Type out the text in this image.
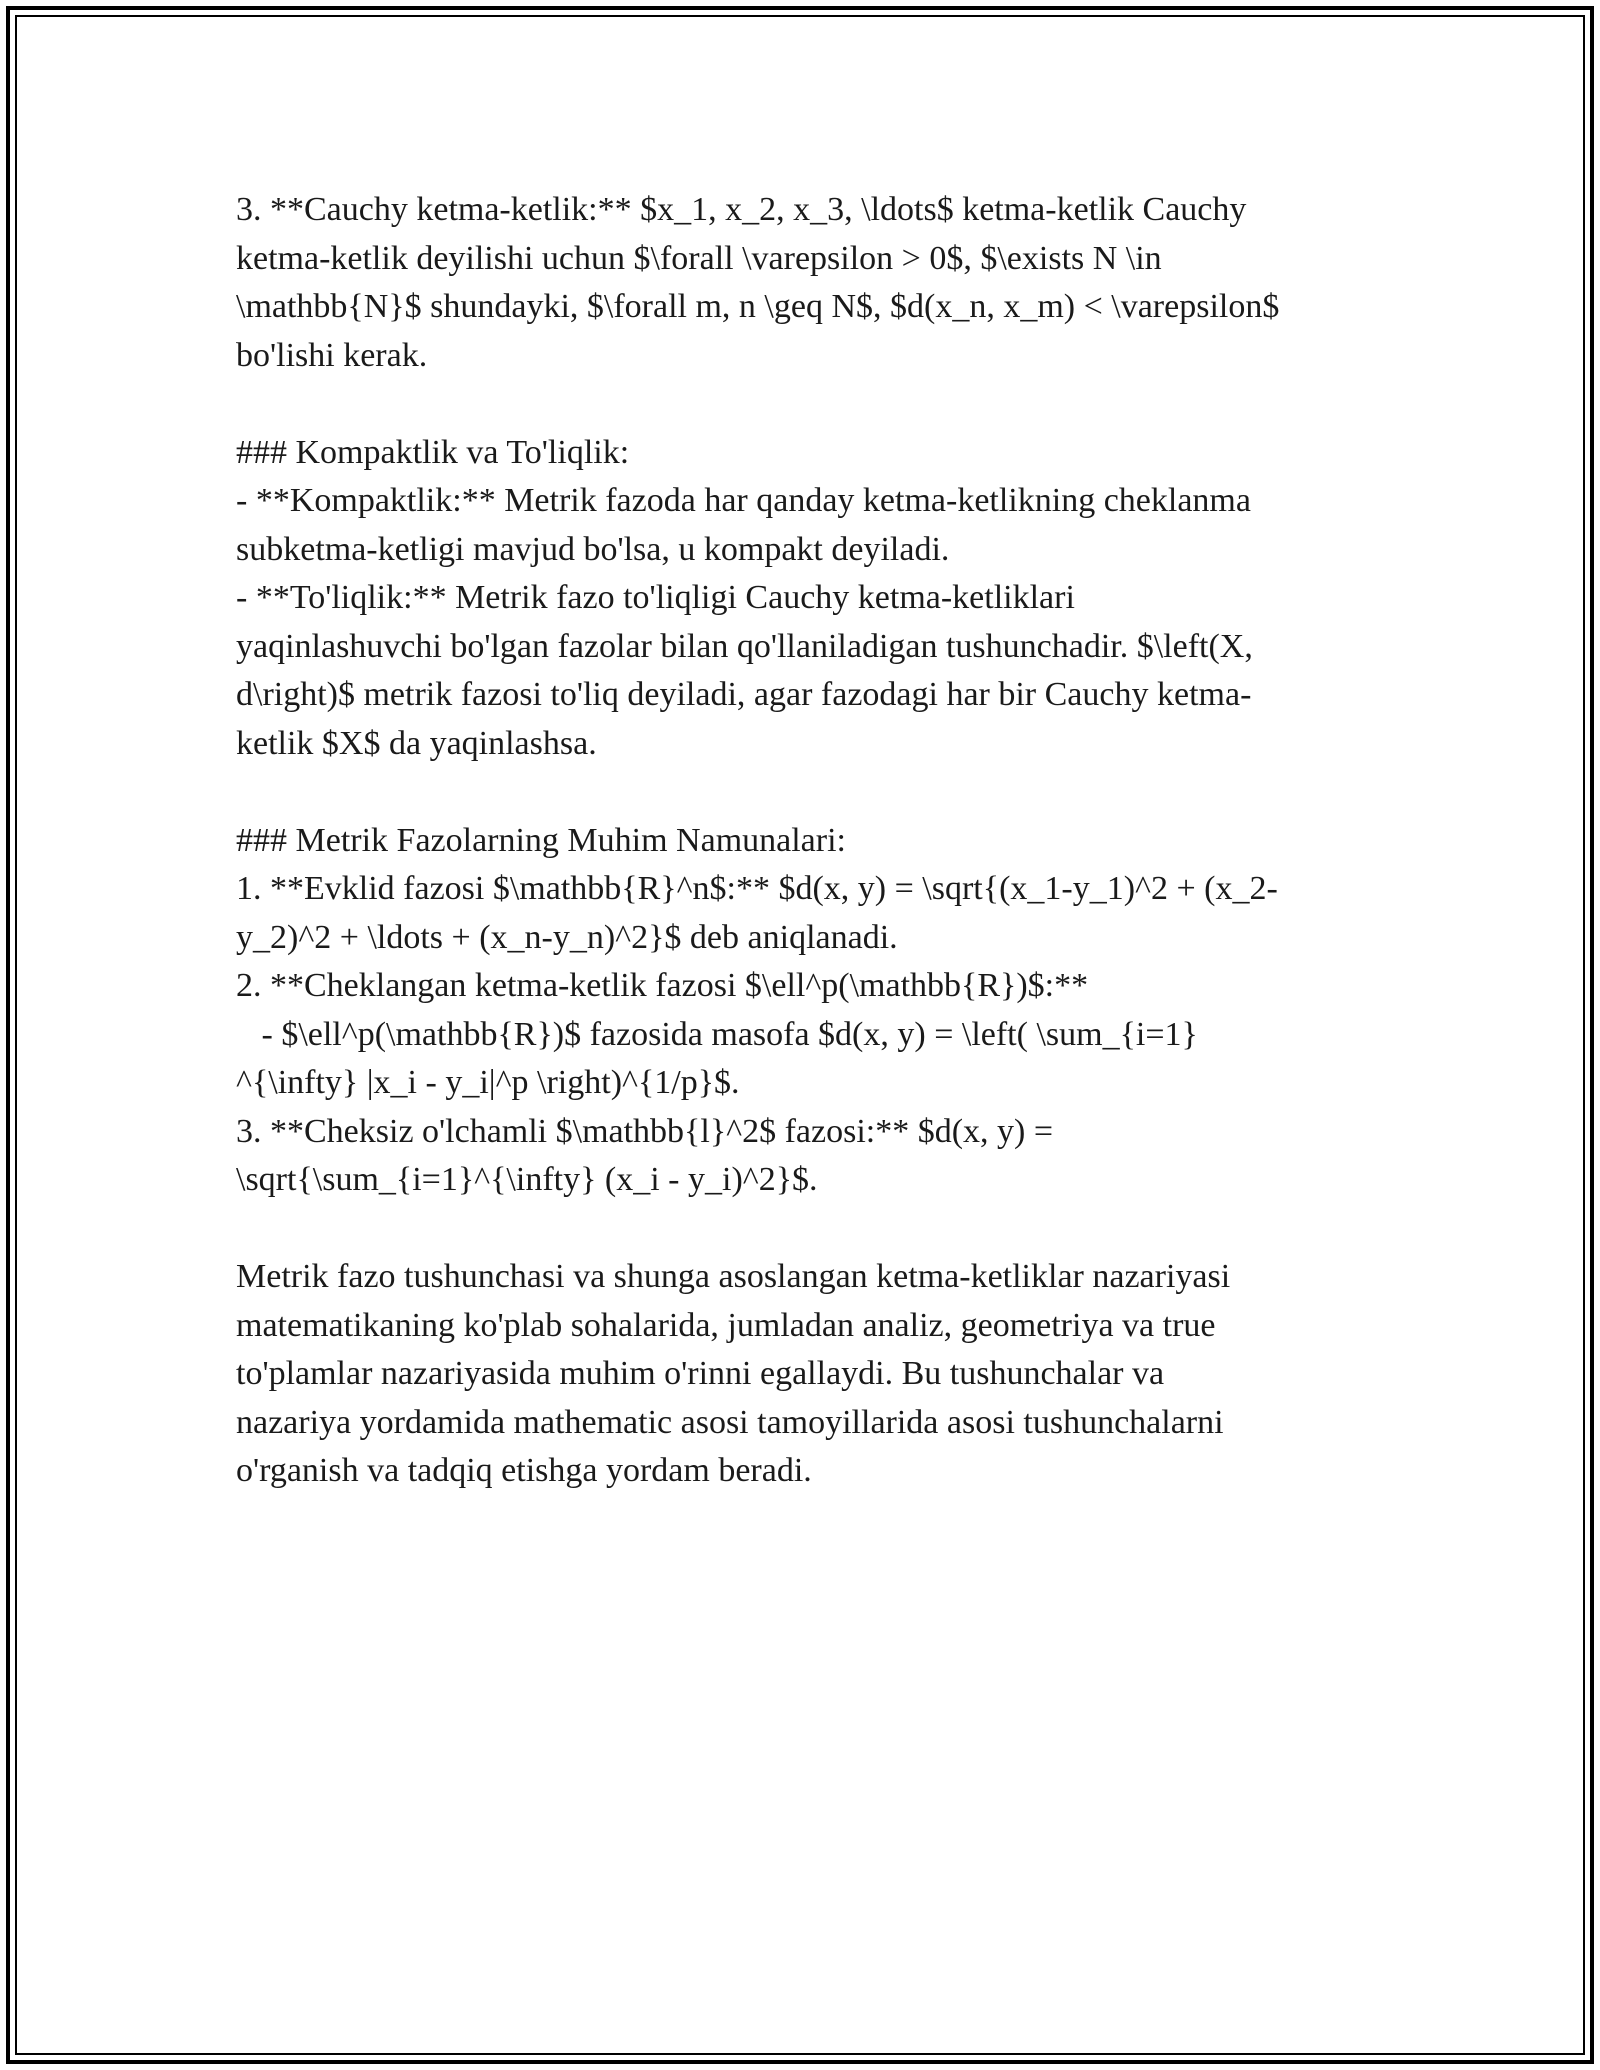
3. **Cauchy ketma-ketlik:** $x_1, x_2, x_3, \ldots$ ketma-ketlik Cauchy
ketma-ketlik deyilishi uchun $\forall \varepsilon > 0$, $\exists N \in
\mathbb{N}$ shundayki, $\forall m, n \geq N$, $d(x_n, x_m) < \varepsilon$
bo'lishi kerak.

### Kompaktlik va To'liqlik:
- **Kompaktlik:** Metrik fazoda har qanday ketma-ketlikning cheklanma
subketma-ketligi mavjud bo'lsa, u kompakt deyiladi.
- **To'liqlik:** Metrik fazo to'liqligi Cauchy ketma-ketliklari
yaqinlashuvchi bo'lgan fazolar bilan qo'llaniladigan tushunchadir. $\left(X,
d\right)$ metrik fazosi to'liq deyiladi, agar fazodagi har bir Cauchy ketma-
ketlik $X$ da yaqinlashsa.

### Metrik Fazolarning Muhim Namunalari:
1. **Evklid fazosi $\mathbb{R}^n$:** $d(x, y) = \sqrt{(x_1-y_1)^2 + (x_2-
y_2)^2 + \ldots + (x_n-y_n)^2}$ deb aniqlanadi.
2. **Cheklangan ketma-ketlik fazosi $\ell^p(\mathbb{R})$:**
- $\ell^p(\mathbb{R})$ fazosida masofa $d(x, y) = \left( \sum_{i=1}
^{\infty} |x_i - y_i|^p \right)^{1/p}$.
3. **Cheksiz o'lchamli $\mathbb{l}^2$ fazosi:** $d(x, y) =
\sqrt{\sum_{i=1}^{\infty} (x_i - y_i)^2}$.

Metrik fazo tushunchasi va shunga asoslangan ketma-ketliklar nazariyasi
matematikaning ko'plab sohalarida, jumladan analiz, geometriya va true
to'plamlar nazariyasida muhim o'rinni egallaydi. Bu tushunchalar va
nazariya yordamida mathematic asosi tamoyillarida asosi tushunchalarni
o'rganish va tadqiq etishga yordam beradi.
